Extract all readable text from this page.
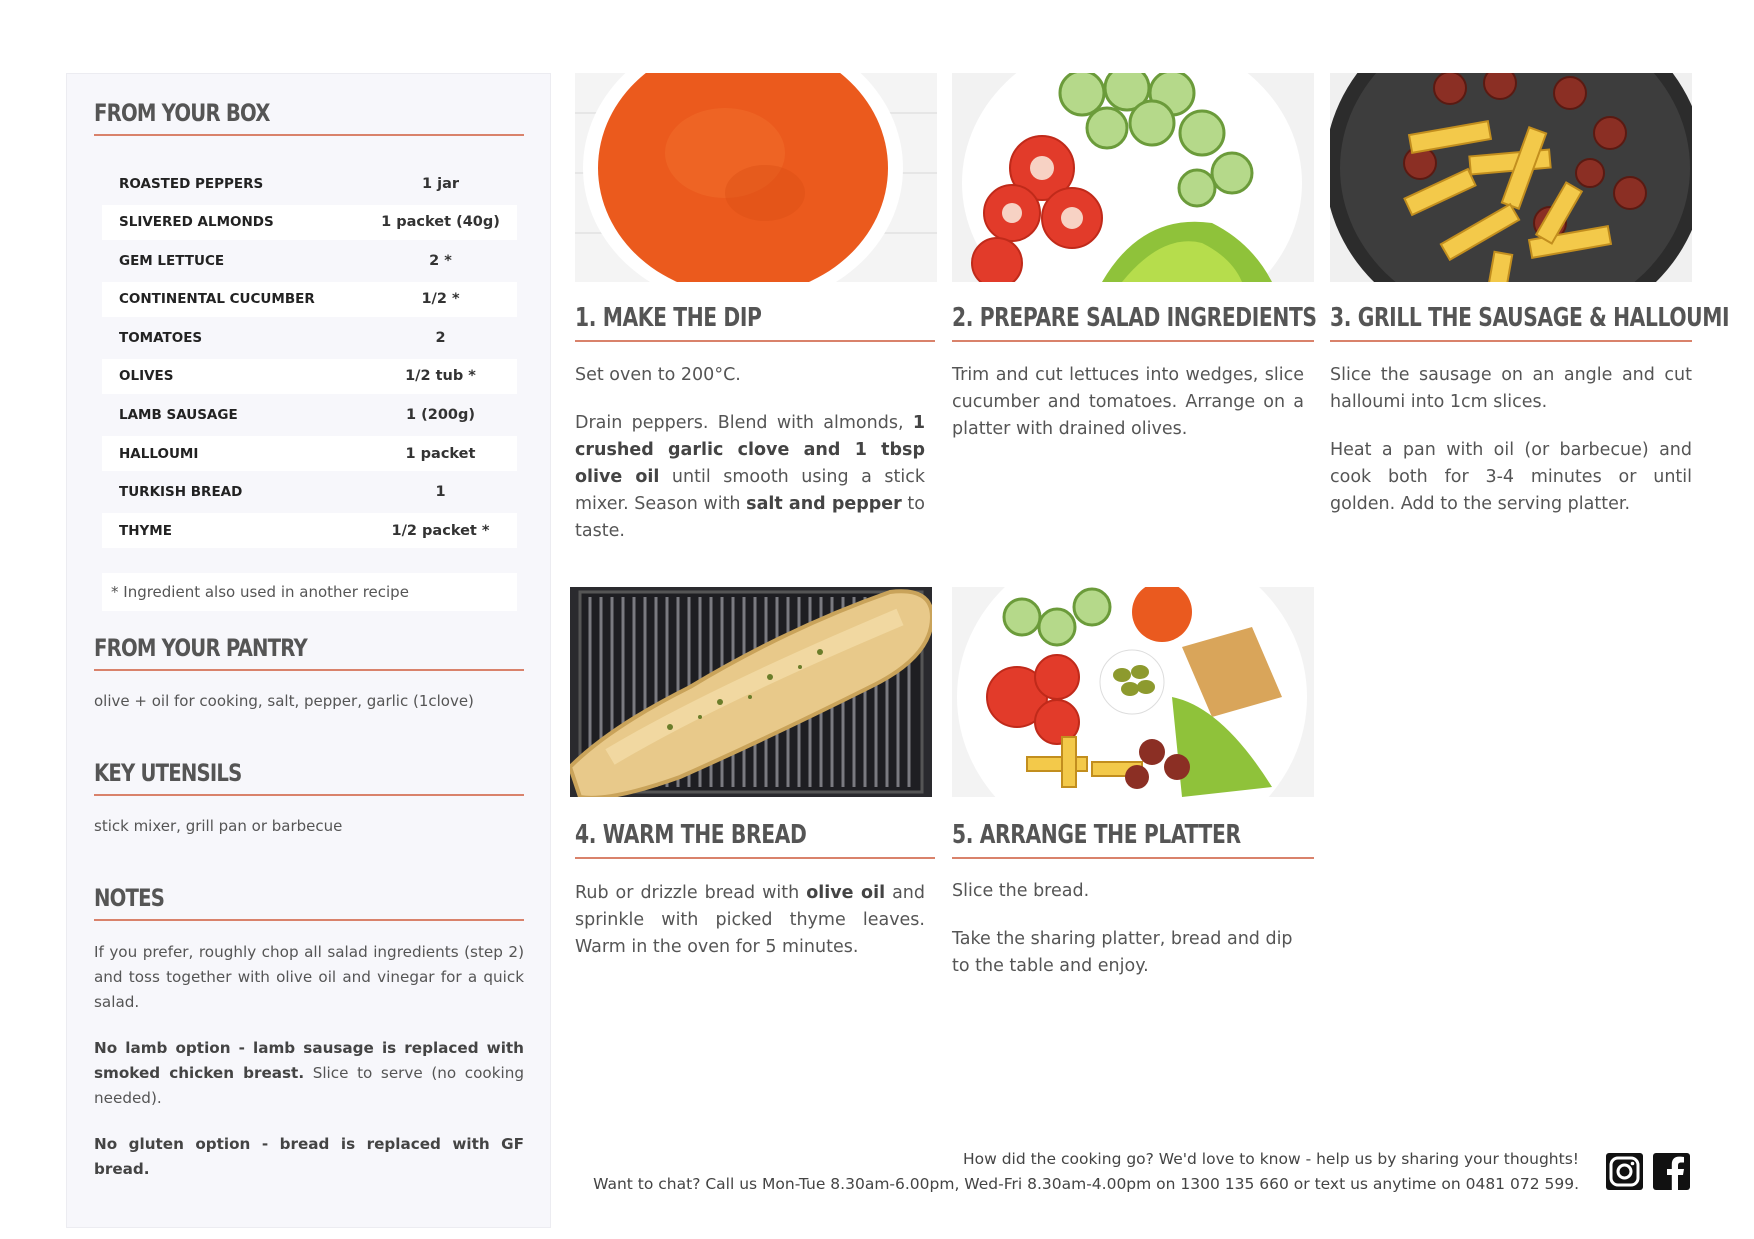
FROM YOUR BOX
ROASTED PEPPERS	1 jar
SLIVERED ALMONDS	1 packet (40g)
GEM LETTUCE	2 *
CONTINENTAL CUCUMBER	1/2 *
TOMATOES	2
OLIVES	1/2 tub *
LAMB SAUSAGE	1 (200g)
HALLOUMI	1 packet
TURKISH BREAD	1
THYME	1/2 packet *
* Ingredient also used in another recipe
FROM YOUR PANTRY
olive + oil for cooking, salt, pepper, garlic (1clove)
KEY UTENSILS
stick mixer, grill pan or barbecue
NOTES

If you prefer, roughly chop all salad ingredients (step 2) and toss together with olive oil and vinegar for a quick salad.

No lamb option - lamb sausage is replaced with smoked chicken breast. Slice to serve (no cooking needed).

No gluten option - bread is replaced with GF bread.

1. MAKE THE DIP

Set oven to 200°C.

Drain peppers. Blend with almonds, 1 crushed garlic clove and 1 tbsp olive oil until smooth using a stick mixer. Season with salt and pepper to taste.

2. PREPARE SALAD INGREDIENTS

Trim and cut lettuces into wedges, slice cucumber and tomatoes. Arrange on a platter with drained olives.

3. GRILL THE SAUSAGE & HALLOUMI

Slice the sausage on an angle and cut halloumi into 1cm slices.

Heat a pan with oil (or barbecue) and cook both for 3-4 minutes or until golden. Add to the serving platter.

4. WARM THE BREAD

Rub or drizzle bread with olive oil and sprinkle with picked thyme leaves. Warm in the oven for 5 minutes.

5. ARRANGE THE PLATTER

Slice the bread.

Take the sharing platter, bread and dip to the table and enjoy.

How did the cooking go? We'd love to know - help us by sharing your thoughts!
Want to chat? Call us Mon-Tue 8.30am-6.00pm, Wed-Fri 8.30am-4.00pm on 1300 135 660 or text us anytime on 0481 072 599.
